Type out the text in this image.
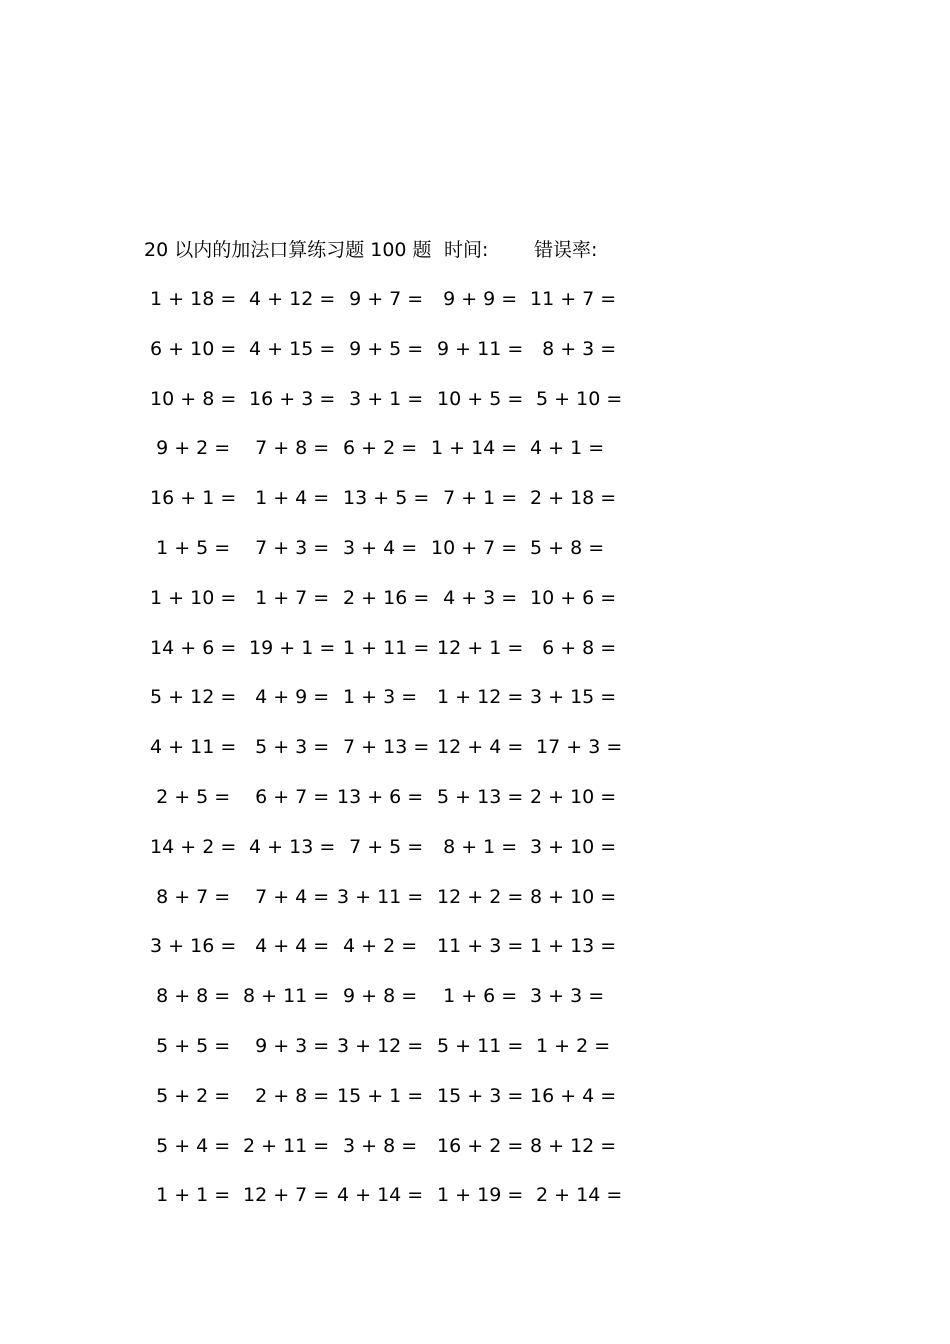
20 以内的加法口算练习题 100 题 时间: 错误率:
1 + 18 = 4 + 12 = 9 + 7 = 9 + 9 = 11 + 7 =
6 + 10 = 4 + 15 = 9 + 5 = 9 + 11 = 8 + 3 =
10 + 8 = 16 + 3 = 3 + 1 = 10 + 5 = 5 + 10 =
9 + 2 = 7 + 8 = 6 + 2 = 1 + 14 = 4 + 1 =
16 + 1 = 1 + 4 = 13 + 5 = 7 + 1 = 2 + 18 =
1 + 5 = 7 + 3 = 3 + 4 = 10 + 7 = 5 + 8 =
1 + 10 = 1 + 7 = 2 + 16 = 4 + 3 = 10 + 6 =
14 + 6 = 19 + 1 = 1 + 11 = 12 + 1 = 6 + 8 =
5 + 12 = 4 + 9 = 1 + 3 = 1 + 12 = 3 + 15 =
4 + 11 = 5 + 3 = 7 + 13 = 12 + 4 = 17 + 3 =
2 + 5 = 6 + 7 = 13 + 6 = 5 + 13 = 2 + 10 =
14 + 2 = 4 + 13 = 7 + 5 = 8 + 1 = 3 + 10 =
8 + 7 = 7 + 4 = 3 + 11 = 12 + 2 = 8 + 10 =
3 + 16 = 4 + 4 = 4 + 2 = 11 + 3 = 1 + 13 =
8 + 8 = 8 + 11 = 9 + 8 = 1 + 6 = 3 + 3 =
5 + 5 = 9 + 3 = 3 + 12 = 5 + 11 = 1 + 2 =
5 + 2 = 2 + 8 = 15 + 1 = 15 + 3 = 16 + 4 =
5 + 4 = 2 + 11 = 3 + 8 = 16 + 2 = 8 + 12 =
1 + 1 = 12 + 7 = 4 + 14 = 1 + 19 = 2 + 14 =
